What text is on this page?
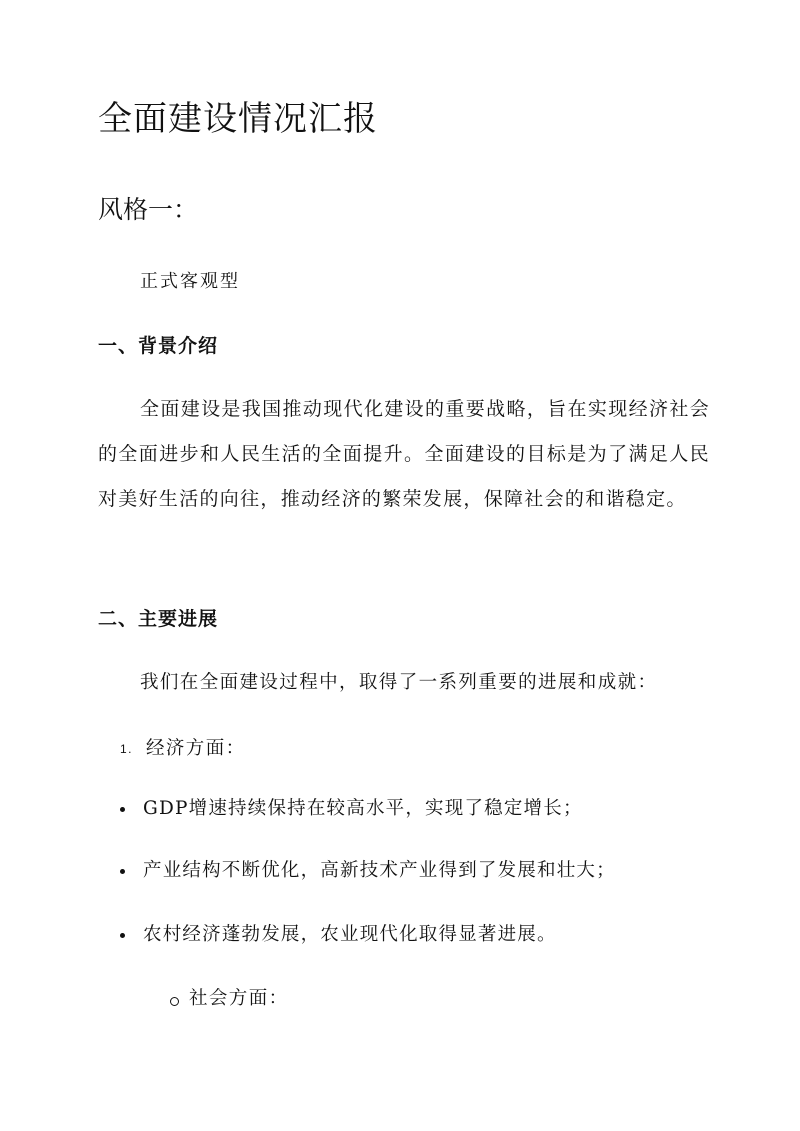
全面建设情况汇报
风格一：
正式客观型
一、背景介绍
全面建设是我国推动现代化建设的重要战略，旨在实现经济社会的全面进步和人民生活的全面提升。全面建设的目标是为了满足人民对美好生活的向往，推动经济的繁荣发展，保障社会的和谐稳定。
二、主要进展
我们在全面建设过程中，取得了一系列重要的进展和成就：
1. 经济方面：
GDP增速持续保持在较高水平，实现了稳定增长；
产业结构不断优化，高新技术产业得到了发展和壮大；
农村经济蓬勃发展，农业现代化取得显著进展。
社会方面：
